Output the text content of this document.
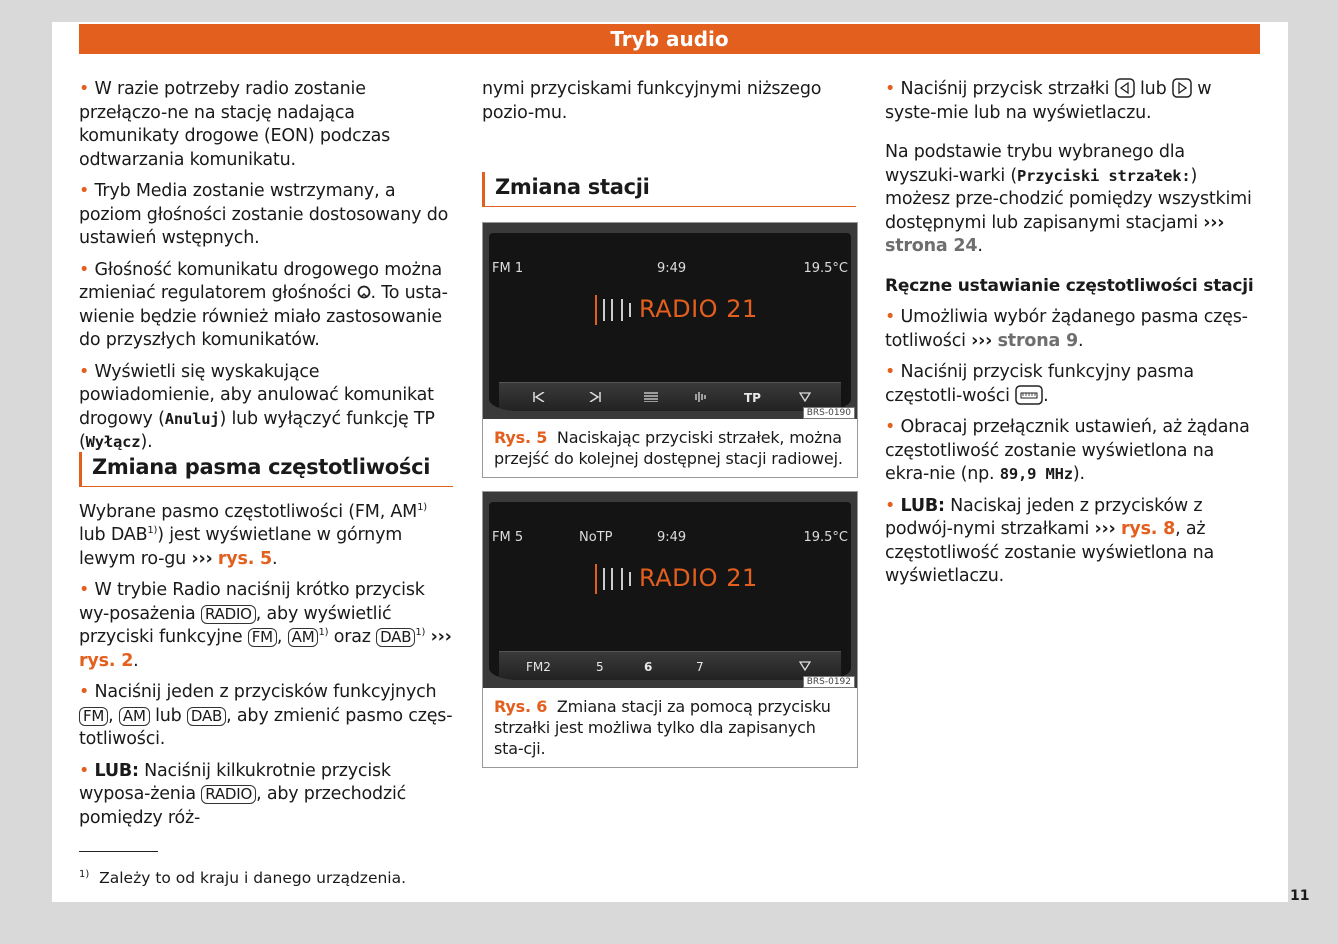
Tryb audio

• W razie potrzeby radio zostanie przełączo-ne na stację nadająca komunikaty drogowe (EON) podczas odtwarzania komunikatu.

• Tryb Media zostanie wstrzymany, a poziom głośności zostanie dostosowany do ustawień wstępnych.

• Głośność komunikatu drogowego można zmieniać regulatorem głośności . To usta-wienie będzie również miało zastosowanie do przyszłych komunikatów.

• Wyświetli się wyskakujące powiadomienie, aby anulować komunikat drogowy (Anuluj) lub wyłączyć funkcję TP (Wyłącz).

Zmiana pasma częstotliwości

Wybrane pasmo częstotliwości (FM, AM$^{1)}$ lub DAB$^{1)}$) jest wyświetlane w górnym lewym ro-gu ››› rys. 5.

• W trybie Radio naciśnij krótko przycisk wy-posażenia RADIO , aby wyświetlić przyciski funkcyjne FM , AM $^{1)}$ oraz DAB $^{1)}$ ››› rys. 2.

• Naciśnij jeden z przycisków funkcyjnych FM , AM lub DAB , aby zmienić pasmo częs-totliwości.

• LUB: Naciśnij kilkukrotnie przycisk wyposa-żenia RADIO , aby przechodzić pomiędzy róż-

nymi przyciskami funkcyjnymi niższego pozio-mu.

Zmiana stacji
FM 1	9:49	19.5°C
RADIO 21
TP
BRS-0190
Rys. 5 Naciskając przyciski strzałek, można przejść do kolejnej dostępnej stacji radiowej.
FM 5	NoTP	9:49	19.5°C
RADIO 21
FM2	5	6	7
BRS-0192
Rys. 6 Zmiana stacji za pomocą przycisku strzałki jest możliwa tylko dla zapisanych sta-cji.

• Naciśnij przycisk strzałki  lub  w syste-mie lub na wyświetlaczu.

Na podstawie trybu wybranego dla wyszuki-warki (Przyciski strzałek:) możesz prze-chodzić pomiędzy wszystkimi dostępnymi lub zapisanymi stacjami ››› strona 24.

Ręczne ustawianie częstotliwości stacji

• Umożliwia wybór żądanego pasma częs-totliwości ››› strona 9.

• Naciśnij przycisk funkcyjny pasma częstotli-wości .

• Obracaj przełącznik ustawień, aż żądana częstotliwość zostanie wyświetlona na ekra-nie (np. 89,9 MHz).

• LUB: Naciskaj jeden z przycisków z podwój-nymi strzałkami ››› rys. 8, aż częstotliwość zostanie wyświetlona na wyświetlaczu.

$^{1)}$ Zależy to od kraju i danego urządzenia.
11
